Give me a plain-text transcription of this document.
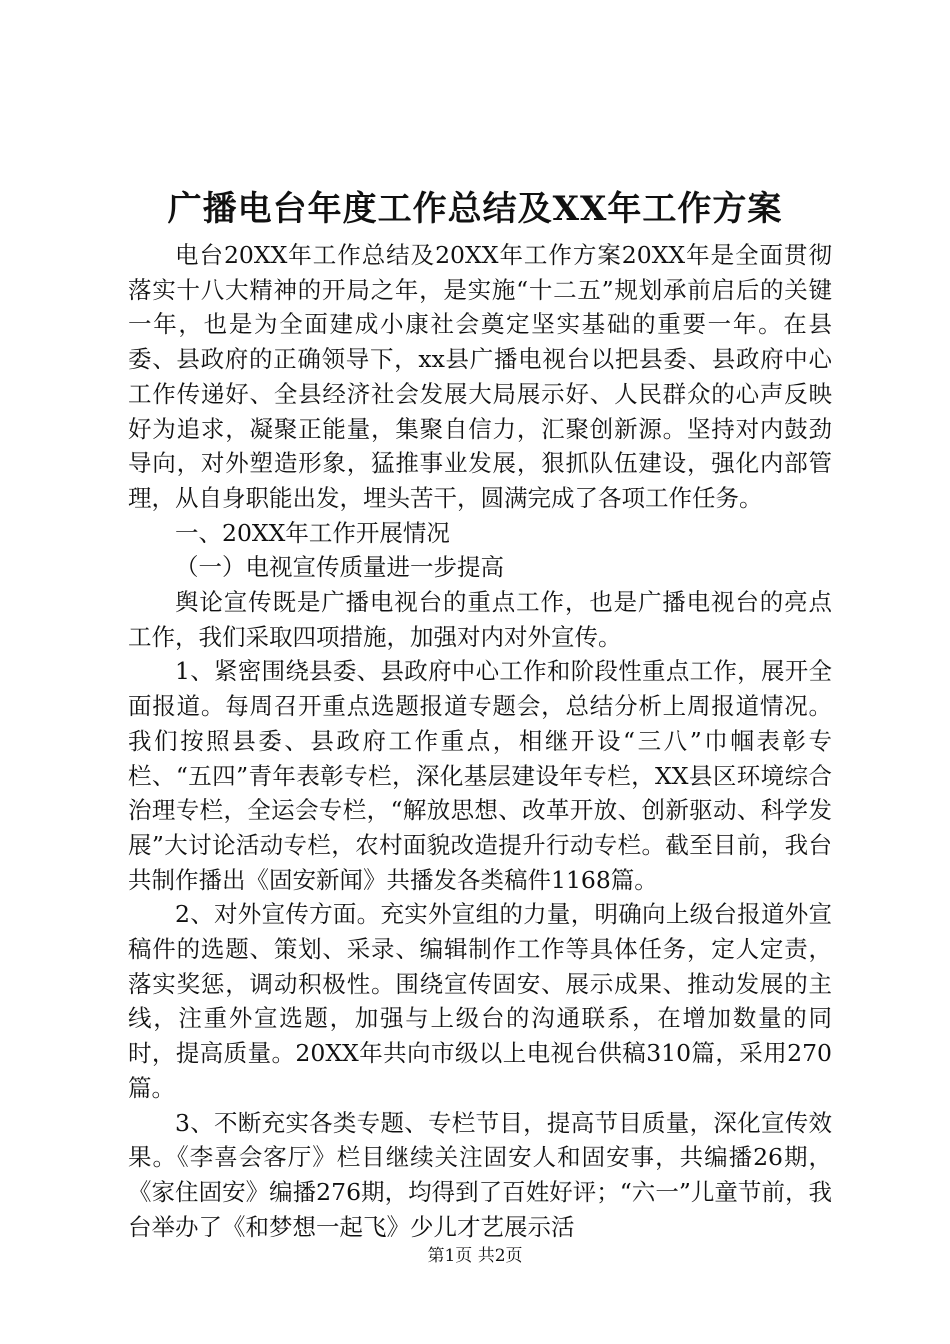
广播电台年度工作总结及XX年工作方案

电台20XX年工作总结及20XX年工作方案20XX年是全面贯彻落实十八大精神的开局之年，是实施“十二五”规划承前启后的关键一年，也是为全面建成小康社会奠定坚实基础的重要一年。在县委、县政府的正确领导下，xx县广播电视台以把县委、县政府中心工作传递好、全县经济社会发展大局展示好、人民群众的心声反映好为追求，凝聚正能量，集聚自信力，汇聚创新源。坚持对内鼓劲导向，对外塑造形象，猛推事业发展，狠抓队伍建设，强化内部管理，从自身职能出发，埋头苦干，圆满完成了各项工作任务。

一、20XX年工作开展情况

（一）电视宣传质量进一步提高

舆论宣传既是广播电视台的重点工作，也是广播电视台的亮点工作，我们采取四项措施，加强对内对外宣传。

1、紧密围绕县委、县政府中心工作和阶段性重点工作，展开全面报道。每周召开重点选题报道专题会，总结分析上周报道情况。我们按照县委、县政府工作重点，相继开设“三八”巾帼表彰专栏、“五四”青年表彰专栏，深化基层建设年专栏，XX县区环境综合治理专栏，全运会专栏，“解放思想、改革开放、创新驱动、科学发展”大讨论活动专栏，农村面貌改造提升行动专栏。截至目前，我台共制作播出《固安新闻》共播发各类稿件1168篇。

2、对外宣传方面。充实外宣组的力量，明确向上级台报道外宣稿件的选题、策划、采录、编辑制作工作等具体任务，定人定责，落实奖惩，调动积极性。围绕宣传固安、展示成果、推动发展的主线，注重外宣选题，加强与上级台的沟通联系，在增加数量的同时，提高质量。20XX年共向市级以上电视台供稿310篇，采用270篇。

3、不断充实各类专题、专栏节目，提高节目质量，深化宣传效果。《李喜会客厅》栏目继续关注固安人和固安事，共编播26期，《家住固安》编播276期，均得到了百姓好评；“六一”儿童节前，我台举办了《和梦想一起飞》少儿才艺展示活

第1页 共2页
